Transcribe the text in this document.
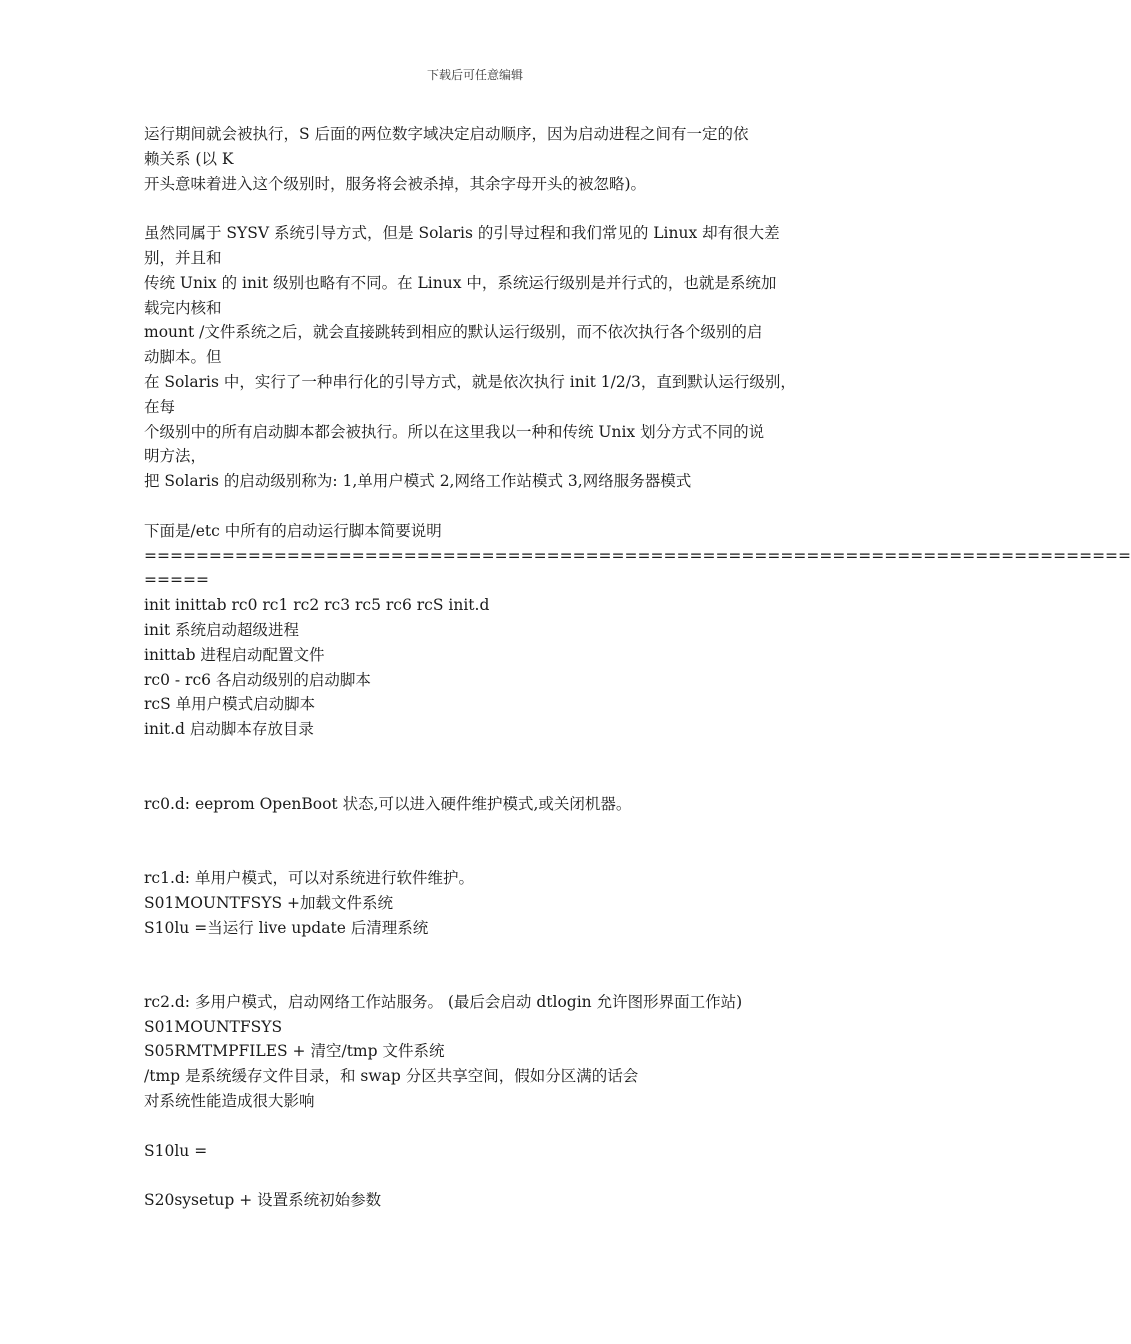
下载后可任意编辑
运行期间就会被执行，S 后面的两位数字域决定启动顺序，因为启动进程之间有一定的依
赖关系 (以 K
开头意味着进入这个级别时，服务将会被杀掉，其余字母开头的被忽略)。
虽然同属于 SYSV 系统引导方式，但是 Solaris 的引导过程和我们常见的 Linux 却有很大差
别，并且和
传统 Unix 的 init 级别也略有不同。在 Linux 中，系统运行级别是并行式的，也就是系统加
载完内核和
mount /文件系统之后，就会直接跳转到相应的默认运行级别，而不依次执行各个级别的启
动脚本。但
在 Solaris 中，实行了一种串行化的引导方式，就是依次执行 init 1/2/3，直到默认运行级别，
在每
个级别中的所有启动脚本都会被执行。所以在这里我以一种和传统 Unix 划分方式不同的说
明方法，
把 Solaris 的启动级别称为: 1,单用户模式 2,网络工作站模式 3,网络服务器模式
下面是/etc 中所有的启动运行脚本简要说明
============================================================================
=====
init inittab rc0 rc1 rc2 rc3 rc5 rc6 rcS init.d
init 系统启动超级进程
inittab 进程启动配置文件
rc0 - rc6 各启动级别的启动脚本
rcS 单用户模式启动脚本
init.d 启动脚本存放目录
rc0.d: eeprom OpenBoot 状态,可以进入硬件维护模式,或关闭机器。
rc1.d: 单用户模式，可以对系统进行软件维护。
S01MOUNTFSYS +加载文件系统
S10lu =当运行 live update 后清理系统
rc2.d: 多用户模式，启动网络工作站服务。 (最后会启动 dtlogin 允许图形界面工作站)
S01MOUNTFSYS
S05RMTMPFILES + 清空/tmp 文件系统
/tmp 是系统缓存文件目录，和 swap 分区共享空间，假如分区满的话会
对系统性能造成很大影响
S10lu =
S20sysetup + 设置系统初始参数
